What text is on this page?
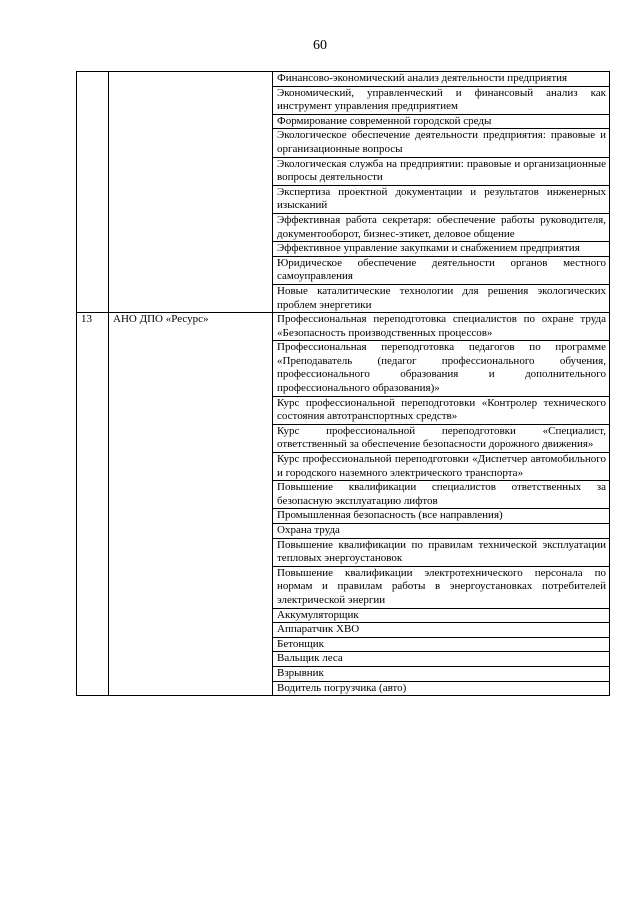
60
		Финансово-экономический анализ деятельности предприятия
		Экономический, управленческий и финансовый анализ как инструмент управления предприятием
		Формирование современной городской среды
		Экологическое обеспечение деятельности предприятия: правовые и организационные вопросы
		Экологическая служба на предприятии: правовые и организационные вопросы деятельности
		Экспертиза проектной документации и результатов инженерных изысканий
		Эффективная работа секретаря: обеспечение работы руководителя, документооборот, бизнес-этикет, деловое общение
		Эффективное управление закупками и снабжением предприятия
		Юридическое обеспечение деятельности органов местного самоуправления
		Новые каталитические технологии для решения экологических проблем энергетики
13	АНО ДПО «Ресурс»	Профессиональная переподготовка специалистов по охране труда «Безопасность производственных процессов»
		Профессиональная переподготовка педагогов по программе «Преподаватель (педагог профессионального обучения, профессионального образования и дополнительного профессионального образования)»
		Курс профессиональной переподготовки «Контролер технического состояния автотранспортных средств»
		Курс профессиональной переподготовки «Специалист, ответственный за обеспечение безопасности дорожного движения»
		Курс профессиональной переподготовки «Диспетчер автомобильного и городского наземного электрического транспорта»
		Повышение квалификации специалистов ответственных за безопасную эксплуатацию лифтов
		Промышленная безопасность (все направления)
		Охрана труда
		Повышение квалификации по правилам технической эксплуатации тепловых энергоустановок
		Повышение квалификации электротехнического персонала по нормам и правилам работы в энергоустановках потребителей электрической энергии
		Аккумуляторщик
		Аппаратчик ХВО
		Бетонщик
		Вальщик леса
		Взрывник
		Водитель погрузчика (авто)
